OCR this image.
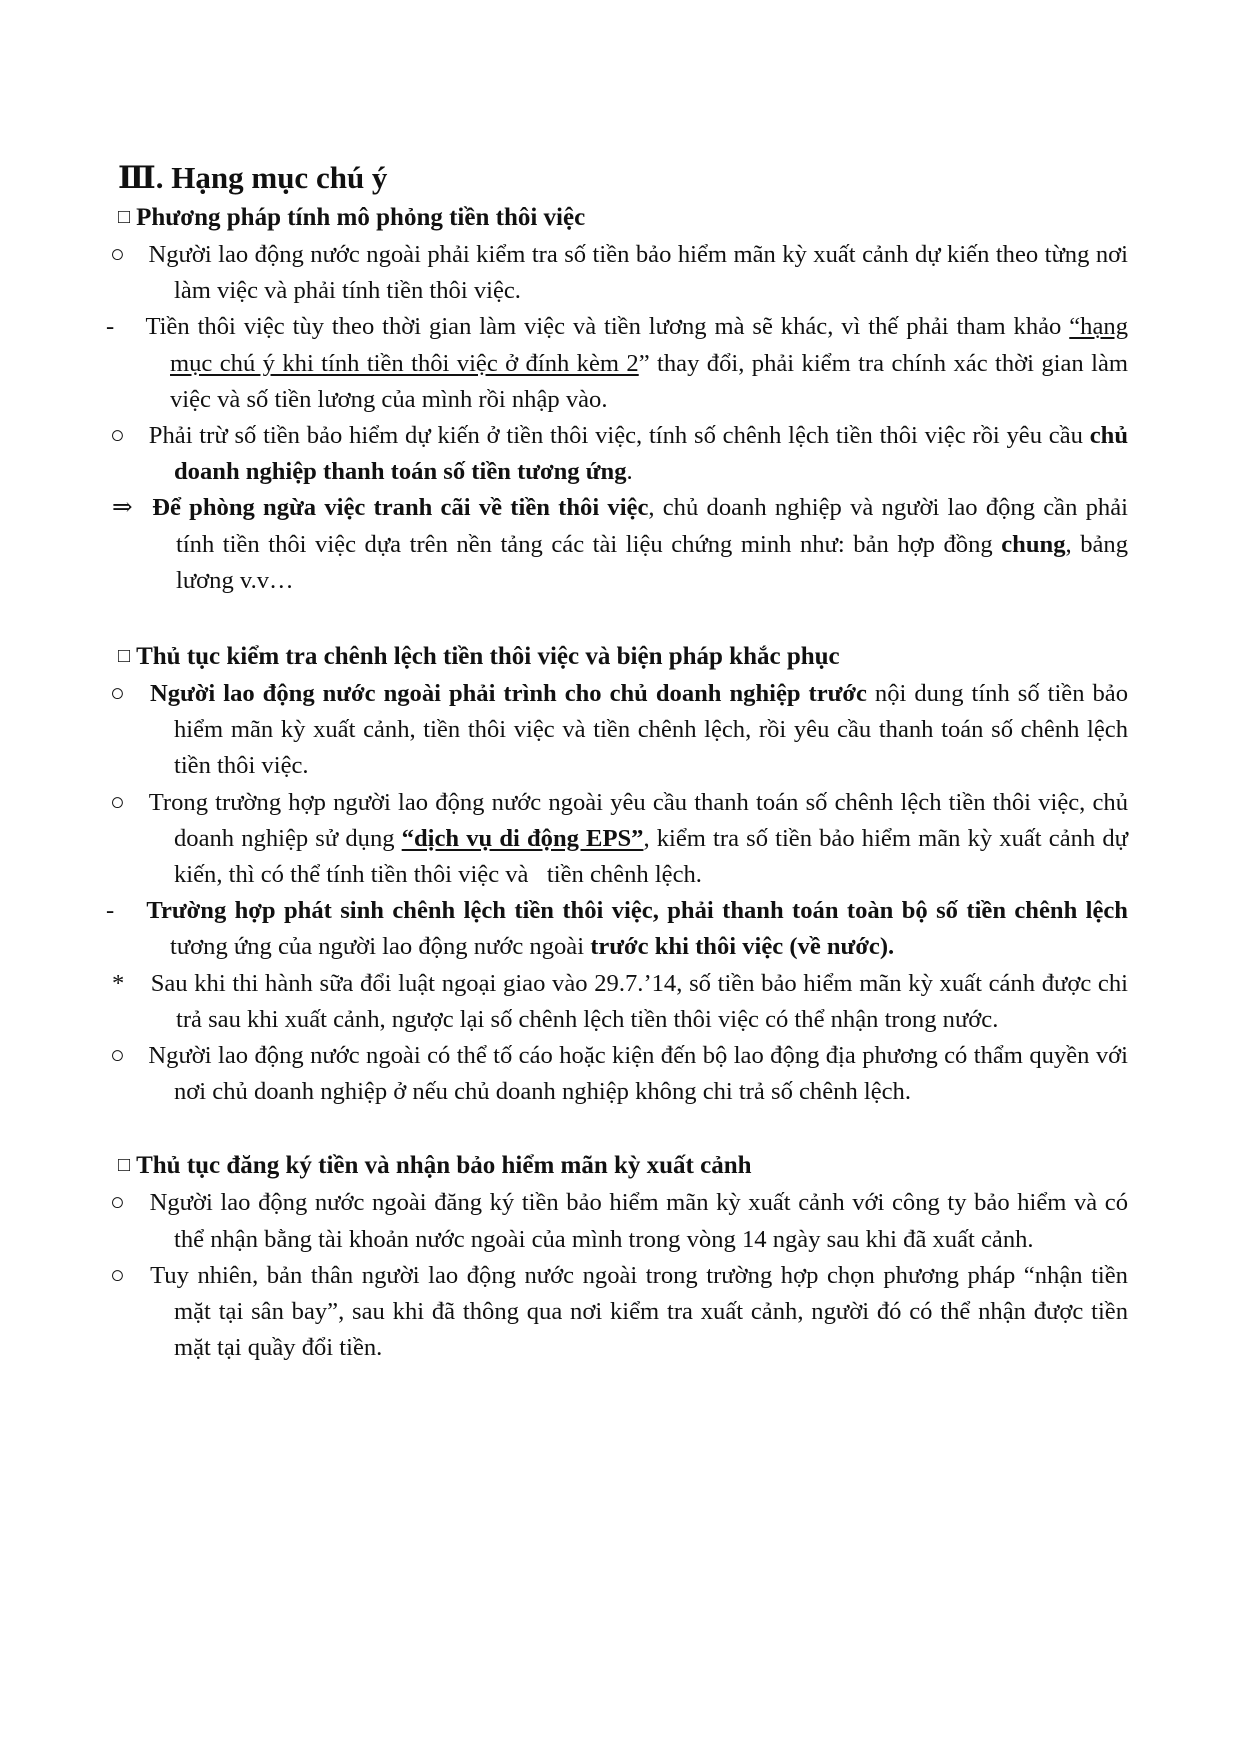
Ⅲ. Hạng mục chú ý
□ Phương pháp tính mô phỏng tiền thôi việc

○ Người lao động nước ngoài phải kiểm tra số tiền bảo hiểm mãn kỳ xuất cảnh dự kiến theo từng nơi làm việc và phải tính tiền thôi việc.

- Tiền thôi việc tùy theo thời gian làm việc và tiền lương mà sẽ khác, vì thế phải tham khảo “hạng mục chú ý khi tính tiền thôi việc ở đính kèm 2” thay đổi, phải kiểm tra chính xác thời gian làm việc và số tiền lương của mình rồi nhập vào.

○ Phải trừ số tiền bảo hiểm dự kiến ở tiền thôi việc, tính số chênh lệch tiền thôi việc rồi yêu cầu chủ doanh nghiệp thanh toán số tiền tương ứng.

⇒ Để phòng ngừa việc tranh cãi về tiền thôi việc, chủ doanh nghiệp và người lao động cần phải tính tiền thôi việc dựa trên nền tảng các tài liệu chứng minh như: bản hợp đồng chung, bảng lương v.v…

□ Thủ tục kiểm tra chênh lệch tiền thôi việc và biện pháp khắc phục

○ Người lao động nước ngoài phải trình cho chủ doanh nghiệp trước nội dung tính số tiền bảo hiểm mãn kỳ xuất cảnh, tiền thôi việc và tiền chênh lệch, rồi yêu cầu thanh toán số chênh lệch tiền thôi việc.

○ Trong trường hợp người lao động nước ngoài yêu cầu thanh toán số chênh lệch tiền thôi việc, chủ doanh nghiệp sử dụng “dịch vụ di động EPS”, kiểm tra số tiền bảo hiểm mãn kỳ xuất cảnh dự kiến, thì có thể tính tiền thôi việc và   tiền chênh lệch.

- Trường hợp phát sinh chênh lệch tiền thôi việc, phải thanh toán toàn bộ số tiền chênh lệch tương ứng của người lao động nước ngoài trước khi thôi việc (về nước).

* Sau khi thi hành sữa đổi luật ngoại giao vào 29.7.’14, số tiền bảo hiểm mãn kỳ xuất cánh được chi trả sau khi xuất cảnh, ngược lại số chênh lệch tiền thôi việc có thể nhận trong nước.

○ Người lao động nước ngoài có thể tố cáo hoặc kiện đến bộ lao động địa phương có thẩm quyền với nơi chủ doanh nghiệp ở nếu chủ doanh nghiệp không chi trả số chênh lệch.

□ Thủ tục đăng ký tiền và nhận bảo hiểm mãn kỳ xuất cảnh

○ Người lao động nước ngoài đăng ký tiền bảo hiểm mãn kỳ xuất cảnh với công ty bảo hiểm và có thể nhận bằng tài khoản nước ngoài của mình trong vòng 14 ngày sau khi đã xuất cảnh.

○ Tuy nhiên, bản thân người lao động nước ngoài trong trường hợp chọn phương pháp “nhận tiền mặt tại sân bay”, sau khi đã thông qua nơi kiểm tra xuất cảnh, người đó có thể nhận được tiền mặt tại quầy đổi tiền.
